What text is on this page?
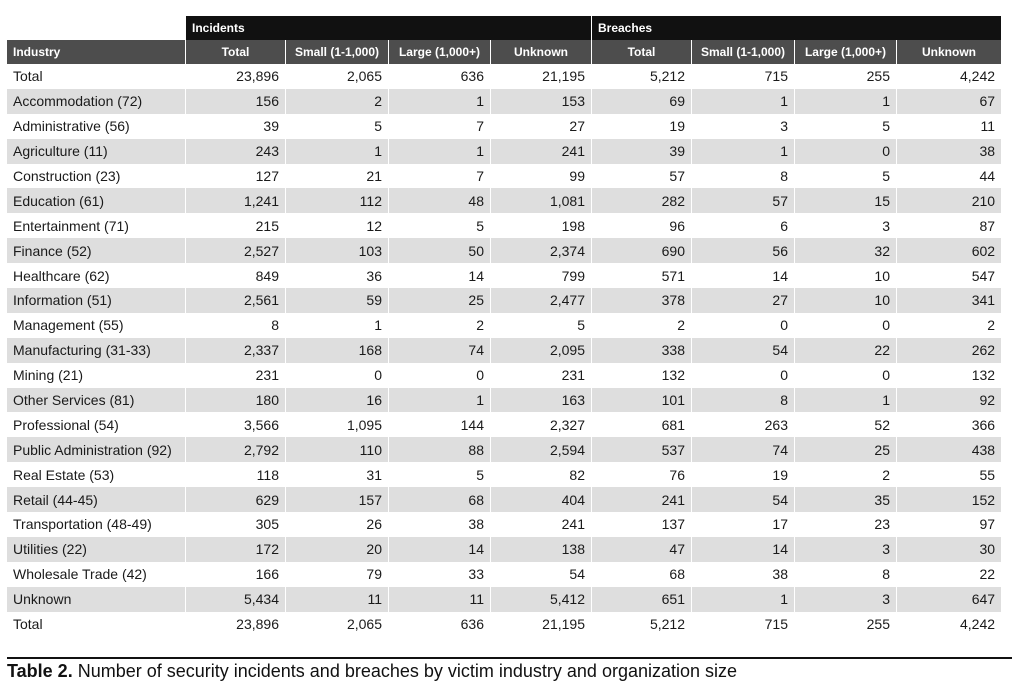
	Incidents				Breaches			
Industry	Total	Small (1-1,000)	Large (1,000+)	Unknown	Total	Small (1-1,000)	Large (1,000+)	Unknown
Total	23,896	2,065	636	21,195	5,212	715	255	4,242
Accommodation (72)	156	2	1	153	69	1	1	67
Administrative (56)	39	5	7	27	19	3	5	11
Agriculture (11)	243	1	1	241	39	1	0	38
Construction (23)	127	21	7	99	57	8	5	44
Education (61)	1,241	112	48	1,081	282	57	15	210
Entertainment (71)	215	12	5	198	96	6	3	87
Finance (52)	2,527	103	50	2,374	690	56	32	602
Healthcare (62)	849	36	14	799	571	14	10	547
Information (51)	2,561	59	25	2,477	378	27	10	341
Management (55)	8	1	2	5	2	0	0	2
Manufacturing (31-33)	2,337	168	74	2,095	338	54	22	262
Mining (21)	231	0	0	231	132	0	0	132
Other Services (81)	180	16	1	163	101	8	1	92
Professional (54)	3,566	1,095	144	2,327	681	263	52	366
Public Administration (92)	2,792	110	88	2,594	537	74	25	438
Real Estate (53)	118	31	5	82	76	19	2	55
Retail (44-45)	629	157	68	404	241	54	35	152
Transportation (48-49)	305	26	38	241	137	17	23	97
Utilities (22)	172	20	14	138	47	14	3	30
Wholesale Trade (42)	166	79	33	54	68	38	8	22
Unknown	5,434	11	11	5,412	651	1	3	647
Total	23,896	2,065	636	21,195	5,212	715	255	4,242
Table 2. Number of security incidents and breaches by victim industry and organization size
